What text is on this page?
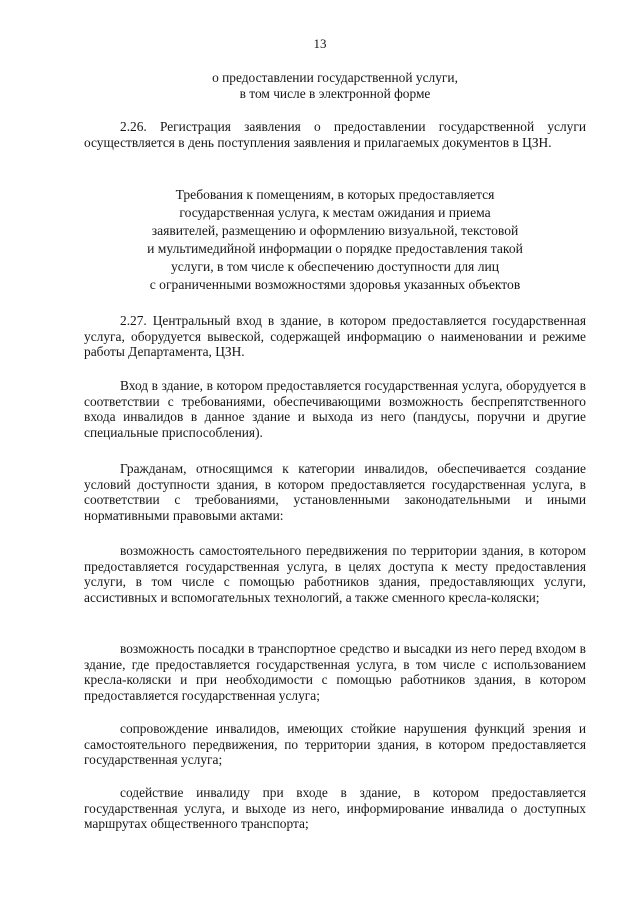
13
о предоставлении государственной услуги,
в том числе в электронной форме
2.26. Регистрация заявления о предоставлении государственной услуги осуществляется в день поступления заявления и прилагаемых документов в ЦЗН.
Требования к помещениям, в которых предоставляется
государственная услуга, к местам ожидания и приема
заявителей, размещению и оформлению визуальной, текстовой
и мультимедийной информации о порядке предоставления такой
услуги, в том числе к обеспечению доступности для лиц
с ограниченными возможностями здоровья указанных объектов
2.27. Центральный вход в здание, в котором предоставляется государственная услуга, оборудуется вывеской, содержащей информацию о наименовании и режиме работы Департамента, ЦЗН.
Вход в здание, в котором предоставляется государственная услуга, оборудуется в соответствии с требованиями, обеспечивающими возможность беспрепятственного входа инвалидов в данное здание и выхода из него (пандусы, поручни и другие специальные приспособления).
Гражданам, относящимся к категории инвалидов, обеспечивается создание условий доступности здания, в котором предоставляется государственная услуга, в соответствии с требованиями, установленными законодательными и иными нормативными правовыми актами:
возможность самостоятельного передвижения по территории здания, в котором предоставляется государственная услуга, в целях доступа к месту предоставления услуги, в том числе с помощью работников здания, предоставляющих услуги, ассистивных и вспомогательных технологий, а также сменного кресла-коляски;
возможность посадки в транспортное средство и высадки из него перед входом в здание, где предоставляется государственная услуга, в том числе с использованием кресла-коляски и при необходимости с помощью работников здания, в котором предоставляется государственная услуга;
сопровождение инвалидов, имеющих стойкие нарушения функций зрения и самостоятельного передвижения, по территории здания, в котором предоставляется государственная услуга;
содействие инвалиду при входе в здание, в котором предоставляется государственная услуга, и выходе из него, информирование инвалида о доступных маршрутах общественного транспорта;
